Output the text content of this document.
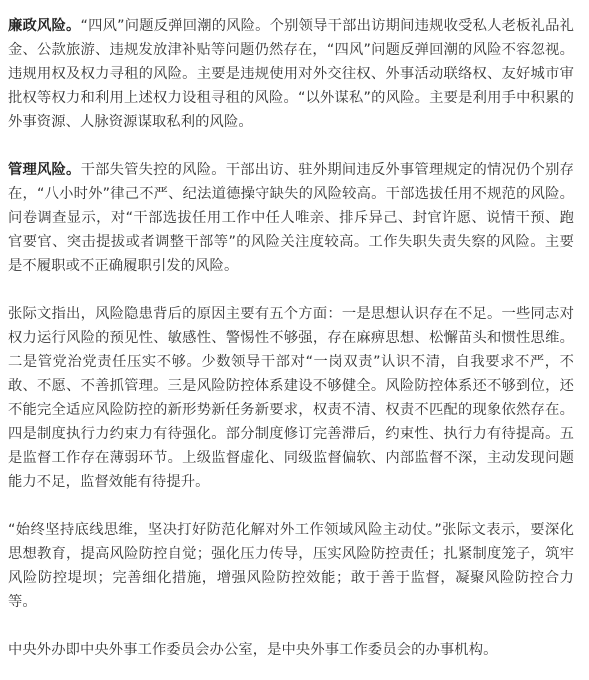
廉政风险。“四风”问题反弹回潮的风险。个别领导干部出访期间违规收受私人老板礼品礼金、公款旅游、违规发放津补贴等问题仍然存在，“四风”问题反弹回潮的风险不容忽视。违规用权及权力寻租的风险。主要是违规使用对外交往权、外事活动联络权、友好城市审批权等权力和利用上述权力设租寻租的风险。“以外谋私”的风险。主要是利用手中积累的外事资源、人脉资源谋取私利的风险。

管理风险。干部失管失控的风险。干部出访、驻外期间违反外事管理规定的情况仍个别存在，“八小时外”律己不严、纪法道德操守缺失的风险较高。干部选拔任用不规范的风险。问卷调查显示，对“干部选拔任用工作中任人唯亲、排斥异己、封官许愿、说情干预、跑官要官、突击提拔或者调整干部等”的风险关注度较高。工作失职失责失察的风险。主要是不履职或不正确履职引发的风险。

张际文指出，风险隐患背后的原因主要有五个方面：一是思想认识存在不足。一些同志对权力运行风险的预见性、敏感性、警惕性不够强，存在麻痹思想、松懈苗头和惯性思维。二是管党治党责任压实不够。少数领导干部对“一岗双责”认识不清，自我要求不严，不敢、不愿、不善抓管理。三是风险防控体系建设不够健全。风险防控体系还不够到位，还不能完全适应风险防控的新形势新任务新要求，权责不清、权责不匹配的现象依然存在。四是制度执行力约束力有待强化。部分制度修订完善滞后，约束性、执行力有待提高。五是监督工作存在薄弱环节。上级监督虚化、同级监督偏软、内部监督不深，主动发现问题能力不足，监督效能有待提升。

“始终坚持底线思维，坚决打好防范化解对外工作领域风险主动仗。”张际文表示，要深化思想教育，提高风险防控自觉；强化压力传导，压实风险防控责任；扎紧制度笼子，筑牢风险防控堤坝；完善细化措施，增强风险防控效能；敢于善于监督，凝聚风险防控合力等。

中央外办即中央外事工作委员会办公室，是中央外事工作委员会的办事机构。
